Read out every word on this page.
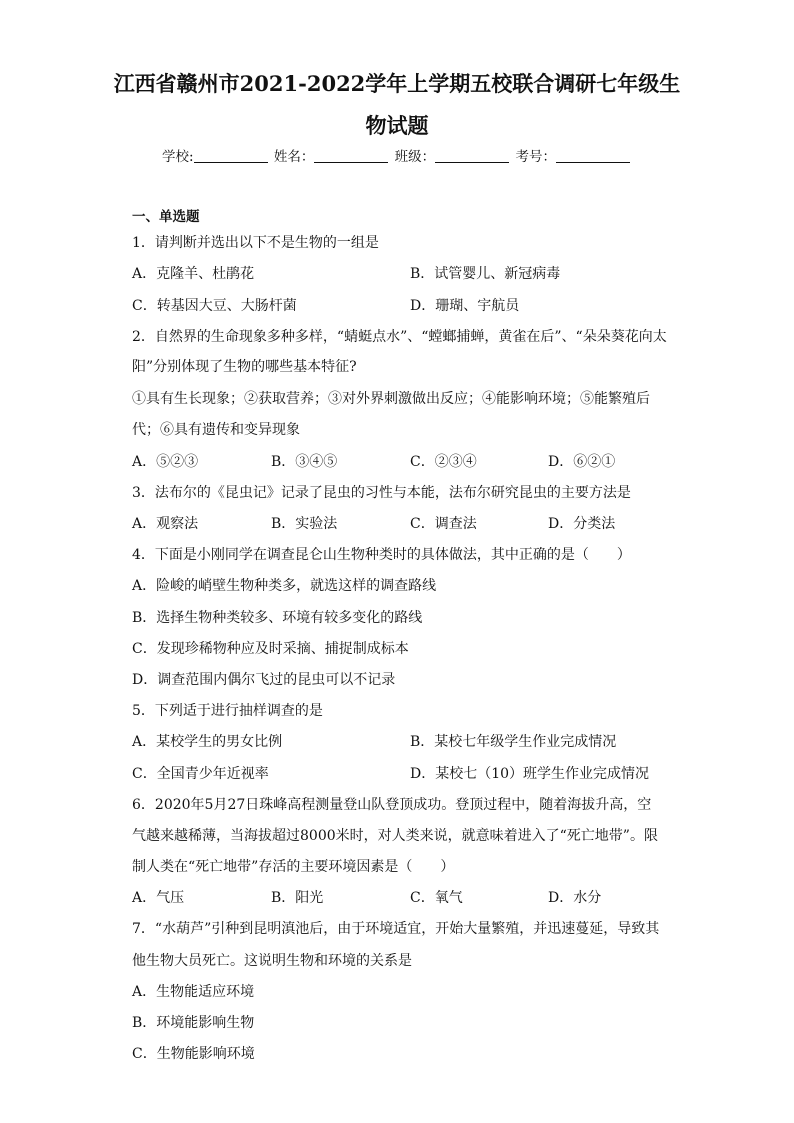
江西省赣州市2021-2022学年上学期五校联合调研七年级生
物试题
学校:	姓名：	班级：	考号：
一、单选题
1．请判断并选出以下不是生物的一组是
A．克隆羊、杜鹃花	B．试管婴儿、新冠病毒
C．转基因大豆、大肠杆菌	D．珊瑚、宇航员
2．自然界的生命现象多种多样，“蜻蜓点水”、“螳螂捕蝉，黄雀在后”、“朵朵葵花向太
阳”分别体现了生物的哪些基本特征?
①具有生长现象；②获取营养；③对外界刺激做出反应；④能影响环境；⑤能繁殖后
代；⑥具有遗传和变异现象
A．⑤②③	B．③④⑤	C．②③④	D．⑥②①
3．法布尔的《昆虫记》记录了昆虫的习性与本能，法布尔研究昆虫的主要方法是
A．观察法	B．实验法	C．调查法	D．分类法
4．下面是小刚同学在调查昆仑山生物种类时的具体做法，其中正确的是（　　）
A．险峻的峭壁生物种类多，就选这样的调查路线
B．选择生物种类较多、环境有较多变化的路线
C．发现珍稀物种应及时采摘、捕捉制成标本
D．调查范围内偶尔飞过的昆虫可以不记录
5．下列适于进行抽样调查的是
A．某校学生的男女比例	B．某校七年级学生作业完成情况
C．全国青少年近视率	D．某校七（10）班学生作业完成情况
6．2020年5月27日珠峰高程测量登山队登顶成功。登顶过程中，随着海拔升高，空
气越来越稀薄，当海拔超过8000米时，对人类来说，就意味着进入了“死亡地带”。限
制人类在“死亡地带”存活的主要环境因素是（　　）
A．气压	B．阳光	C．氧气	D．水分
7．“水葫芦”引种到昆明滇池后，由于环境适宜，开始大量繁殖，并迅速蔓延，导致其
他生物大员死亡。这说明生物和环境的关系是
A．生物能适应环境
B．环境能影响生物
C．生物能影响环境
